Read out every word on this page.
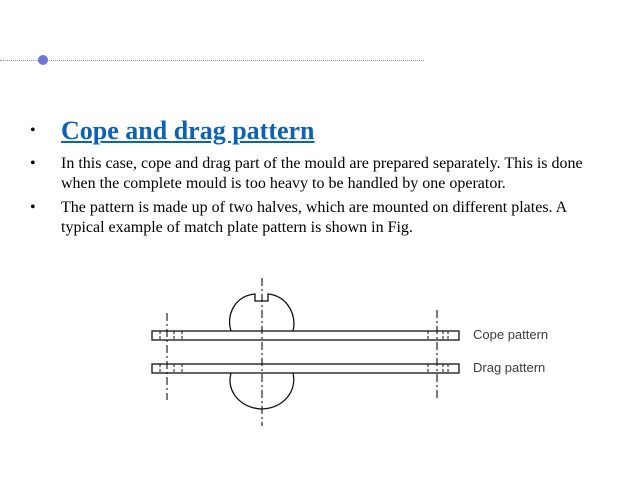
• Cope and drag pattern
•	In this case, cope and drag part of the mould are prepared separately. This is done when the complete mould is too heavy to be handled by one operator.
•	The pattern is made up of two halves, which are mounted on different plates. A typical example of match plate pattern is shown in Fig.
Cope pattern
Drag pattern
